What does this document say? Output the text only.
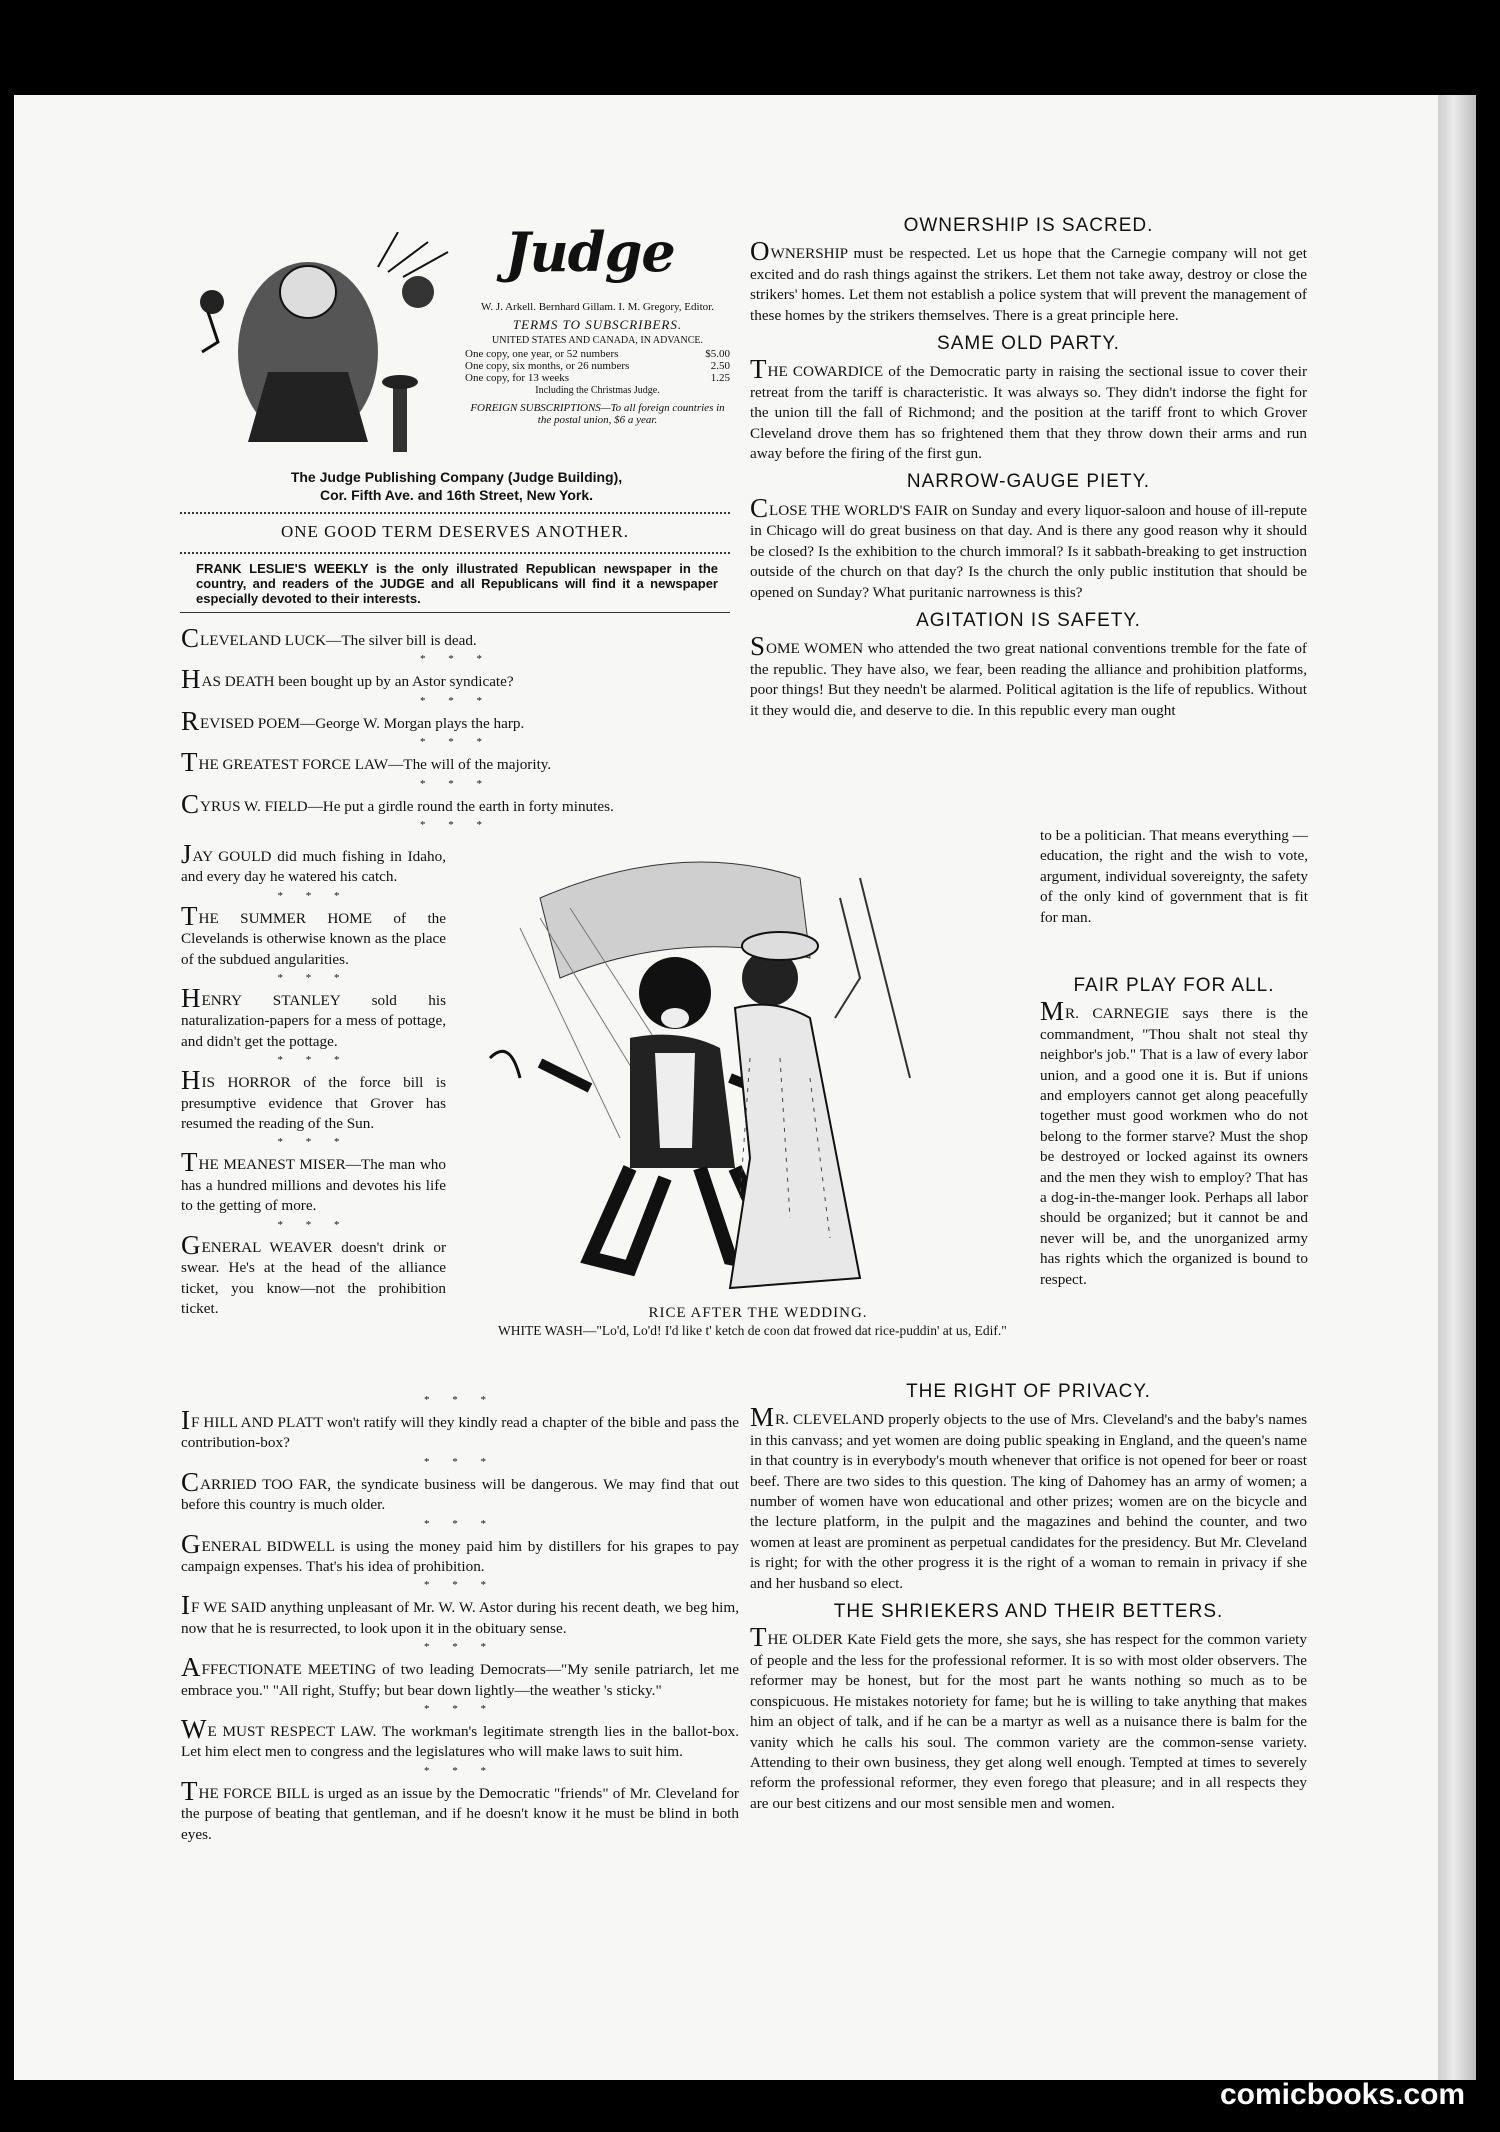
Judge
W. J. Arkell. Bernhard Gillam. I. M. Gregory, Editor.
TERMS TO SUBSCRIBERS.
UNITED STATES AND CANADA, IN ADVANCE.
One copy, one year, or 52 numbers	$5.00
One copy, six months, or 26 numbers	2.50
One copy, for 13 weeks	1.25
Including the Christmas Judge.
FOREIGN SUBSCRIPTIONS—To all foreign countries in the postal union, $6 a year.
The Judge Publishing Company (Judge Building),
Cor. Fifth Ave. and 16th Street, New York.
ONE GOOD TERM DESERVES ANOTHER.
FRANK LESLIE'S WEEKLY is the only illustrated Republican newspaper in the country, and readers of the JUDGE and all Republicans will find it a newspaper especially devoted to their interests.

CLEVELAND LUCK—The silver bill is dead.

* * *

HAS DEATH been bought up by an Astor syndicate?

* * *

REVISED POEM—George W. Morgan plays the harp.

* * *

THE GREATEST FORCE LAW—The will of the majority.

* * *

CYRUS W. FIELD—He put a girdle round the earth in forty minutes.

* * *

JAY GOULD did much fishing in Idaho, and every day he watered his catch.

* * *

THE SUMMER HOME of the Clevelands is otherwise known as the place of the subdued angularities.

* * *

HENRY STANLEY sold his naturalization-papers for a mess of pottage, and didn't get the pottage.

* * *

HIS HORROR of the force bill is presumptive evidence that Grover has resumed the reading of the Sun.

* * *

THE MEANEST MISER—The man who has a hundred millions and devotes his life to the getting of more.

* * *

GENERAL WEAVER doesn't drink or swear. He's at the head of the alliance ticket, you know—not the prohibition ticket.

* * *

IF HILL AND PLATT won't ratify will they kindly read a chapter of the bible and pass the contribution-box?

* * *

CARRIED TOO FAR, the syndicate business will be dangerous. We may find that out before this country is much older.

* * *

GENERAL BIDWELL is using the money paid him by distillers for his grapes to pay campaign expenses. That's his idea of prohibition.

* * *

IF WE SAID anything unpleasant of Mr. W. W. Astor during his recent death, we beg him, now that he is resurrected, to look upon it in the obituary sense.

* * *

AFFECTIONATE MEETING of two leading Democrats—"My senile patriarch, let me embrace you." "All right, Stuffy; but bear down lightly—the weather 's sticky."

* * *

WE MUST RESPECT LAW. The workman's legitimate strength lies in the ballot-box. Let him elect men to congress and the legislatures who will make laws to suit him.

* * *

THE FORCE BILL is urged as an issue by the Democratic "friends" of Mr. Cleveland for the purpose of beating that gentleman, and if he doesn't know it he must be blind in both eyes.

RICE AFTER THE WEDDING.
WHITE WASH—"Lo'd, Lo'd! I'd like t' ketch de coon dat frowed dat rice-puddin' at us, Edif."
OWNERSHIP IS SACRED.

OWNERSHIP must be respected. Let us hope that the Carnegie company will not get excited and do rash things against the strikers. Let them not take away, destroy or close the strikers' homes. Let them not establish a police system that will prevent the management of these homes by the strikers themselves. There is a great principle here.

SAME OLD PARTY.

THE COWARDICE of the Democratic party in raising the sectional issue to cover their retreat from the tariff is characteristic. It was always so. They didn't indorse the fight for the union till the fall of Richmond; and the position at the tariff front to which Grover Cleveland drove them has so frightened them that they throw down their arms and run away before the firing of the first gun.

NARROW-GAUGE PIETY.

CLOSE THE WORLD'S FAIR on Sunday and every liquor-saloon and house of ill-repute in Chicago will do great business on that day. And is there any good reason why it should be closed? Is the exhibition to the church immoral? Is it sabbath-breaking to get instruction outside of the church on that day? Is the church the only public institution that should be opened on Sunday? What puritanic narrowness is this?

AGITATION IS SAFETY.

SOME WOMEN who attended the two great national conventions tremble for the fate of the republic. They have also, we fear, been reading the alliance and prohibition platforms, poor things! But they needn't be alarmed. Political agitation is the life of republics. Without it they would die, and deserve to die. In this republic every man ought

to be a politician. That means everything — education, the right and the wish to vote, argument, individual sovereignty, the safety of the only kind of government that is fit for man.

FAIR PLAY FOR ALL.

MR. CARNEGIE says there is the commandment, "Thou shalt not steal thy neighbor's job." That is a law of every labor union, and a good one it is. But if unions and employers cannot get along peacefully together must good workmen who do not belong to the former starve? Must the shop be destroyed or locked against its owners and the men they wish to employ? That has a dog-in-the-manger look. Perhaps all labor should be organized; but it cannot be and never will be, and the unorganized army has rights which the organized is bound to respect.

THE RIGHT OF PRIVACY.

MR. CLEVELAND properly objects to the use of Mrs. Cleveland's and the baby's names in this canvass; and yet women are doing public speaking in England, and the queen's name in that country is in everybody's mouth whenever that orifice is not opened for beer or roast beef. There are two sides to this question. The king of Dahomey has an army of women; a number of women have won educational and other prizes; women are on the bicycle and the lecture platform, in the pulpit and the magazines and behind the counter, and two women at least are prominent as perpetual candidates for the presidency. But Mr. Cleveland is right; for with the other progress it is the right of a woman to remain in privacy if she and her husband so elect.

THE SHRIEKERS AND THEIR BETTERS.

THE OLDER Kate Field gets the more, she says, she has respect for the common variety of people and the less for the professional reformer. It is so with most older observers. The reformer may be honest, but for the most part he wants nothing so much as to be conspicuous. He mistakes notoriety for fame; but he is willing to take anything that makes him an object of talk, and if he can be a martyr as well as a nuisance there is balm for the vanity which he calls his soul. The common variety are the common-sense variety. Attending to their own business, they get along well enough. Tempted at times to severely reform the professional reformer, they even forego that pleasure; and in all respects they are our best citizens and our most sensible men and women.

comicbooks.com
